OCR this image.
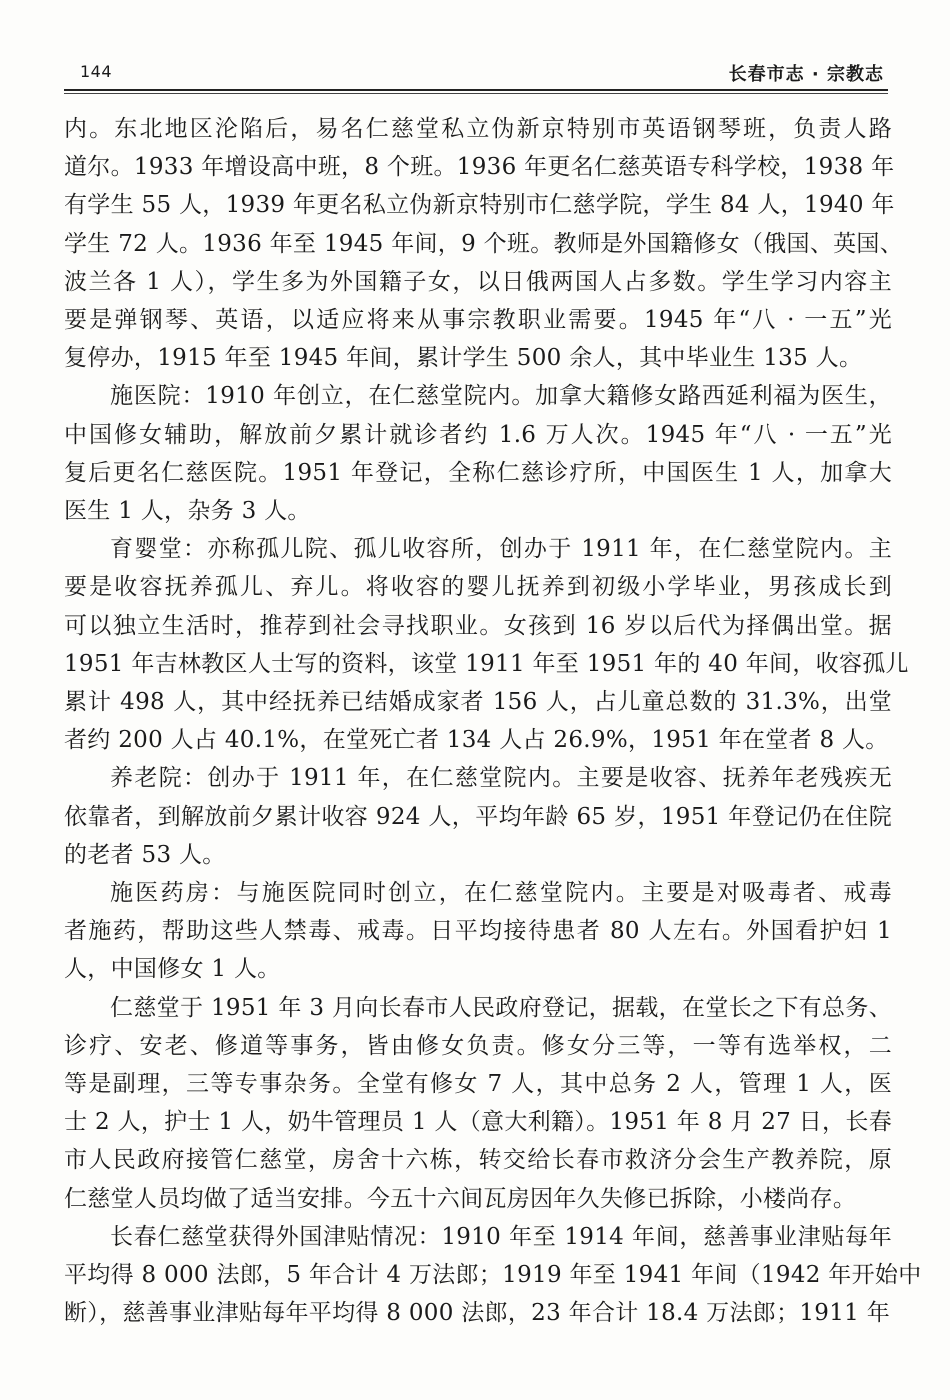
144	长春市志 · 宗教志
内。东北地区沦陷后，易名仁慈堂私立伪新京特别市英语钢琴班，负责人路
道尔。1933 年增设高中班，8 个班。1936 年更名仁慈英语专科学校，1938 年
有学生 55 人，1939 年更名私立伪新京特别市仁慈学院，学生 84 人，1940 年
学生 72 人。1936 年至 1945 年间，9 个班。教师是外国籍修女（俄国、英国、
波兰各 1 人），学生多为外国籍子女，以日俄两国人占多数。学生学习内容主
要是弹钢琴、英语，以适应将来从事宗教职业需要。1945 年“八 · 一五”光
复停办，1915 年至 1945 年间，累计学生 500 余人，其中毕业生 135 人。
施医院：1910 年创立，在仁慈堂院内。加拿大籍修女路西延利福为医生，
中国修女辅助，解放前夕累计就诊者约 1.6 万人次。1945 年“八 · 一五”光
复后更名仁慈医院。1951 年登记，全称仁慈诊疗所，中国医生 1 人，加拿大
医生 1 人，杂务 3 人。
育婴堂：亦称孤儿院、孤儿收容所，创办于 1911 年，在仁慈堂院内。主
要是收容抚养孤儿、弃儿。将收容的婴儿抚养到初级小学毕业，男孩成长到
可以独立生活时，推荐到社会寻找职业。女孩到 16 岁以后代为择偶出堂。据
1951 年吉林教区人士写的资料，该堂 1911 年至 1951 年的 40 年间，收容孤儿
累计 498 人，其中经抚养已结婚成家者 156 人，占儿童总数的 31.3%，出堂
者约 200 人占 40.1%，在堂死亡者 134 人占 26.9%，1951 年在堂者 8 人。
养老院：创办于 1911 年，在仁慈堂院内。主要是收容、抚养年老残疾无
依靠者，到解放前夕累计收容 924 人，平均年龄 65 岁，1951 年登记仍在住院
的老者 53 人。
施医药房：与施医院同时创立，在仁慈堂院内。主要是对吸毒者、戒毒
者施药，帮助这些人禁毒、戒毒。日平均接待患者 80 人左右。外国看护妇 1
人，中国修女 1 人。
仁慈堂于 1951 年 3 月向长春市人民政府登记，据载，在堂长之下有总务、
诊疗、安老、修道等事务，皆由修女负责。修女分三等，一等有选举权，二
等是副理，三等专事杂务。全堂有修女 7 人，其中总务 2 人，管理 1 人，医
士 2 人，护士 1 人，奶牛管理员 1 人（意大利籍）。1951 年 8 月 27 日，长春
市人民政府接管仁慈堂，房舍十六栋，转交给长春市救济分会生产教养院，原
仁慈堂人员均做了适当安排。今五十六间瓦房因年久失修已拆除，小楼尚存。
长春仁慈堂获得外国津贴情况：1910 年至 1914 年间，慈善事业津贴每年
平均得 8 000 法郎，5 年合计 4 万法郎；1919 年至 1941 年间（1942 年开始中
断），慈善事业津贴每年平均得 8 000 法郎，23 年合计 18.4 万法郎；1911 年
